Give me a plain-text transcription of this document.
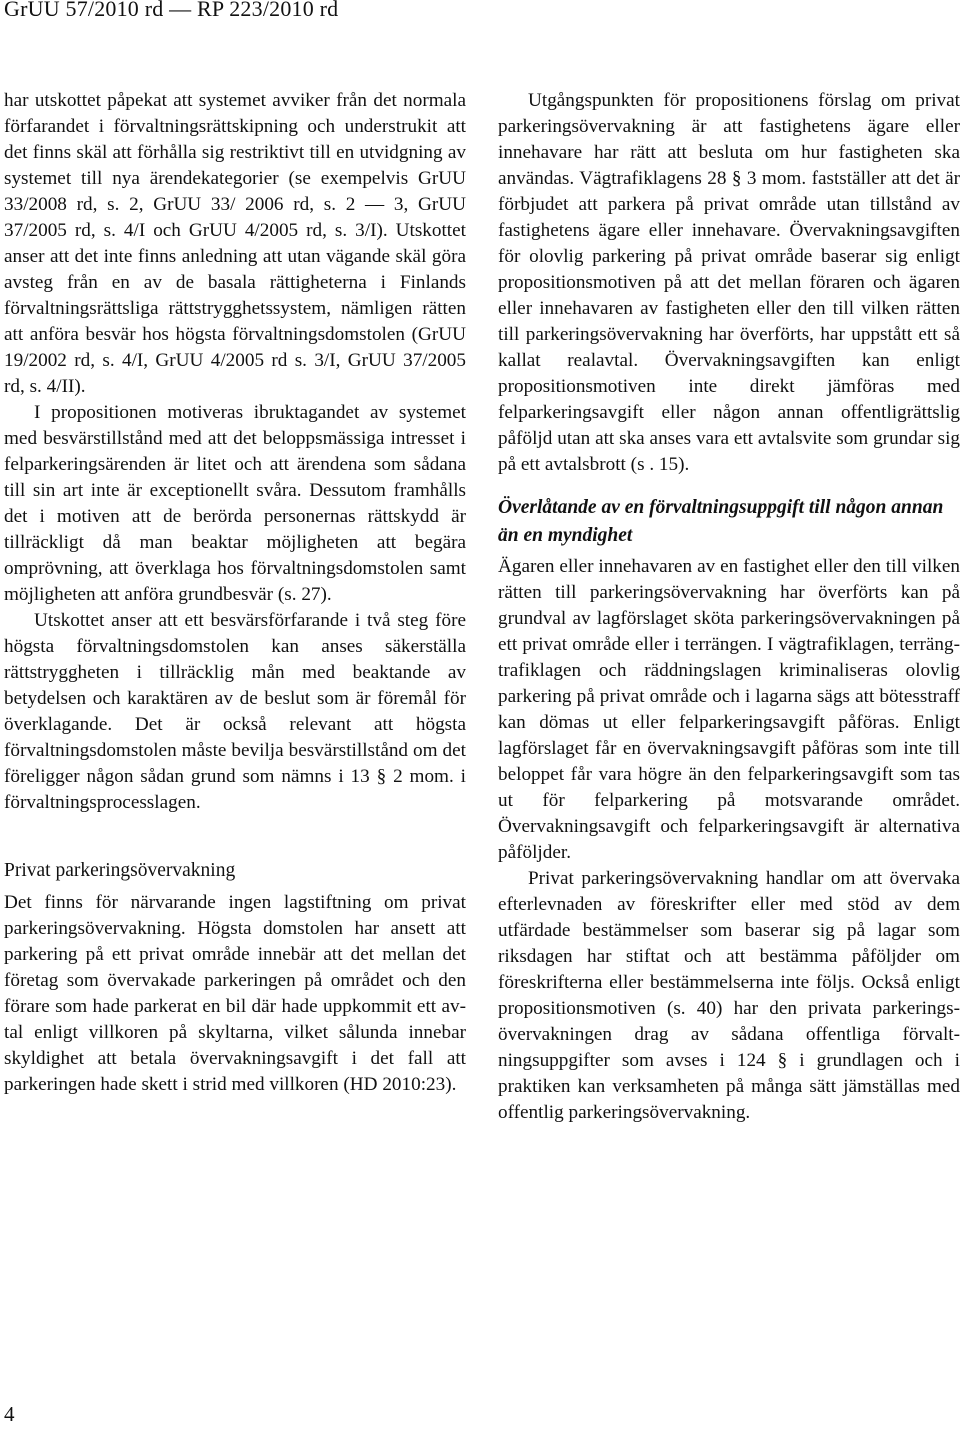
GrUU 57/2010 rd — RP 223/2010 rd

har utskottet påpekat att systemet avviker från det normala förfarandet i förvaltningsrättskipning och understrukit att det finns skäl att förhålla sig restriktivt till en utvidgning av systemet till nya ärendekategorier (se exempelvis GrUU 33/2008 rd, s. 2, GrUU 33/ 2006 rd, s. 2 — 3, GrUU 37/2005 rd, s. 4/I och GrUU 4/2005 rd, s. 3/I). Utskottet anser att det inte finns anledning att utan vägande skäl göra avsteg från en av de basala rättigheterna i Finlands förvaltningsrättsliga rättstrygghetssystem, nämligen rätten att anföra besvär hos högsta förvaltningsdomstolen (GrUU 19/2002 rd, s. 4/I, GrUU 4/2005 rd s. 3/I, GrUU 37/2005 rd, s. 4/II).

I propositionen motiveras ibruktagandet av systemet med besvärstillstånd med att det beloppsmässiga intresset i felparkeringsärenden är litet och att ärendena som sådana till sin art inte är exceptionellt svåra. Dessutom framhålls det i motiven att de berörda personernas rättskydd är tillräckligt då man beaktar möjligheten att begära omprövning, att överklaga hos förvaltningsdomstolen samt möjligheten att anföra grundbesvär (s. 27).

Utskottet anser att ett besvärsförfarande i två steg före högsta förvaltningsdomstolen kan anses säkerställa rättstryggheten i tillräcklig mån med beaktande av betydelsen och karaktären av de beslut som är föremål för överklagande. Det är också relevant att högsta förvaltningsdomstolen måste bevilja besvärstillstånd om det föreligger någon sådan grund som nämns i 13 § 2 mom. i förvaltningsprocesslagen.

Privat parkeringsövervakning

Det finns för närvarande ingen lagstiftning om privat parkeringsövervakning. Högsta domstolen har ansett att parkering på ett privat område innebär att det mellan det företag som övervakade parkeringen på området och den förare som hade parkerat en bil där hade uppkommit ett avtal enligt villkoren på skyltarna, vilket sålunda innebar skyldighet att betala övervakningsavgift i det fall att parkeringen hade skett i strid med villkoren (HD 2010:23).

Utgångspunkten för propositionens förslag om privat parkeringsövervakning är att fastighetens ägare eller innehavare har rätt att besluta om hur fastigheten ska användas. Vägtrafiklagens 28 § 3 mom. fastställer att det är förbjudet att parkera på privat område utan tillstånd av fastighetens ägare eller innehavare. Övervakningsavgiften för olovlig parkering på privat område baserar sig enligt propositionsmotiven på att det mellan föraren och ägaren eller innehavaren av fastigheten eller den till vilken rätten till parkeringsövervakning har överförts, har uppstått ett så kallat realavtal. Övervakningsavgiften kan enligt propositionsmotiven inte direkt jämföras med felparkeringsavgift eller någon annan offentligrättslig påföljd utan att ska anses vara ett avtalsvite som grundar sig på ett avtalsbrott (s . 15).

Överlåtande av en förvaltningsuppgift till någon annan än en myndighet

Ägaren eller innehavaren av en fastighet eller den till vilken rätten till parkeringsövervakning har överförts kan på grundval av lagförslaget sköta parkeringsövervakningen på ett privat område eller i terrängen. I vägtrafiklagen, terrängtrafiklagen och räddningslagen kriminaliseras olovlig parkering på privat område och i lagarna sägs att bötesstraff kan dömas ut eller felparkeringsavgift påföras. Enligt lagförslaget får en övervakningsavgift påföras som inte till beloppet får vara högre än den felparkeringsavgift som tas ut för felparkering på motsvarande området. Övervakningsavgift och felparkeringsavgift är alternativa påföljder.

Privat parkeringsövervakning handlar om att övervaka efterlevnaden av föreskrifter eller med stöd av dem utfärdade bestämmelser som baserar sig på lagar som riksdagen har stiftat och att bestämma påföljder om föreskrifterna eller bestämmelserna inte följs. Också enligt propositionsmotiven (s. 40) har den privata parkeringsövervakningen drag av sådana offentliga förvaltningsuppgifter som avses i 124 § i grundlagen och i praktiken kan verksamheten på många sätt jämställas med offentlig parkeringsövervakning.

4
